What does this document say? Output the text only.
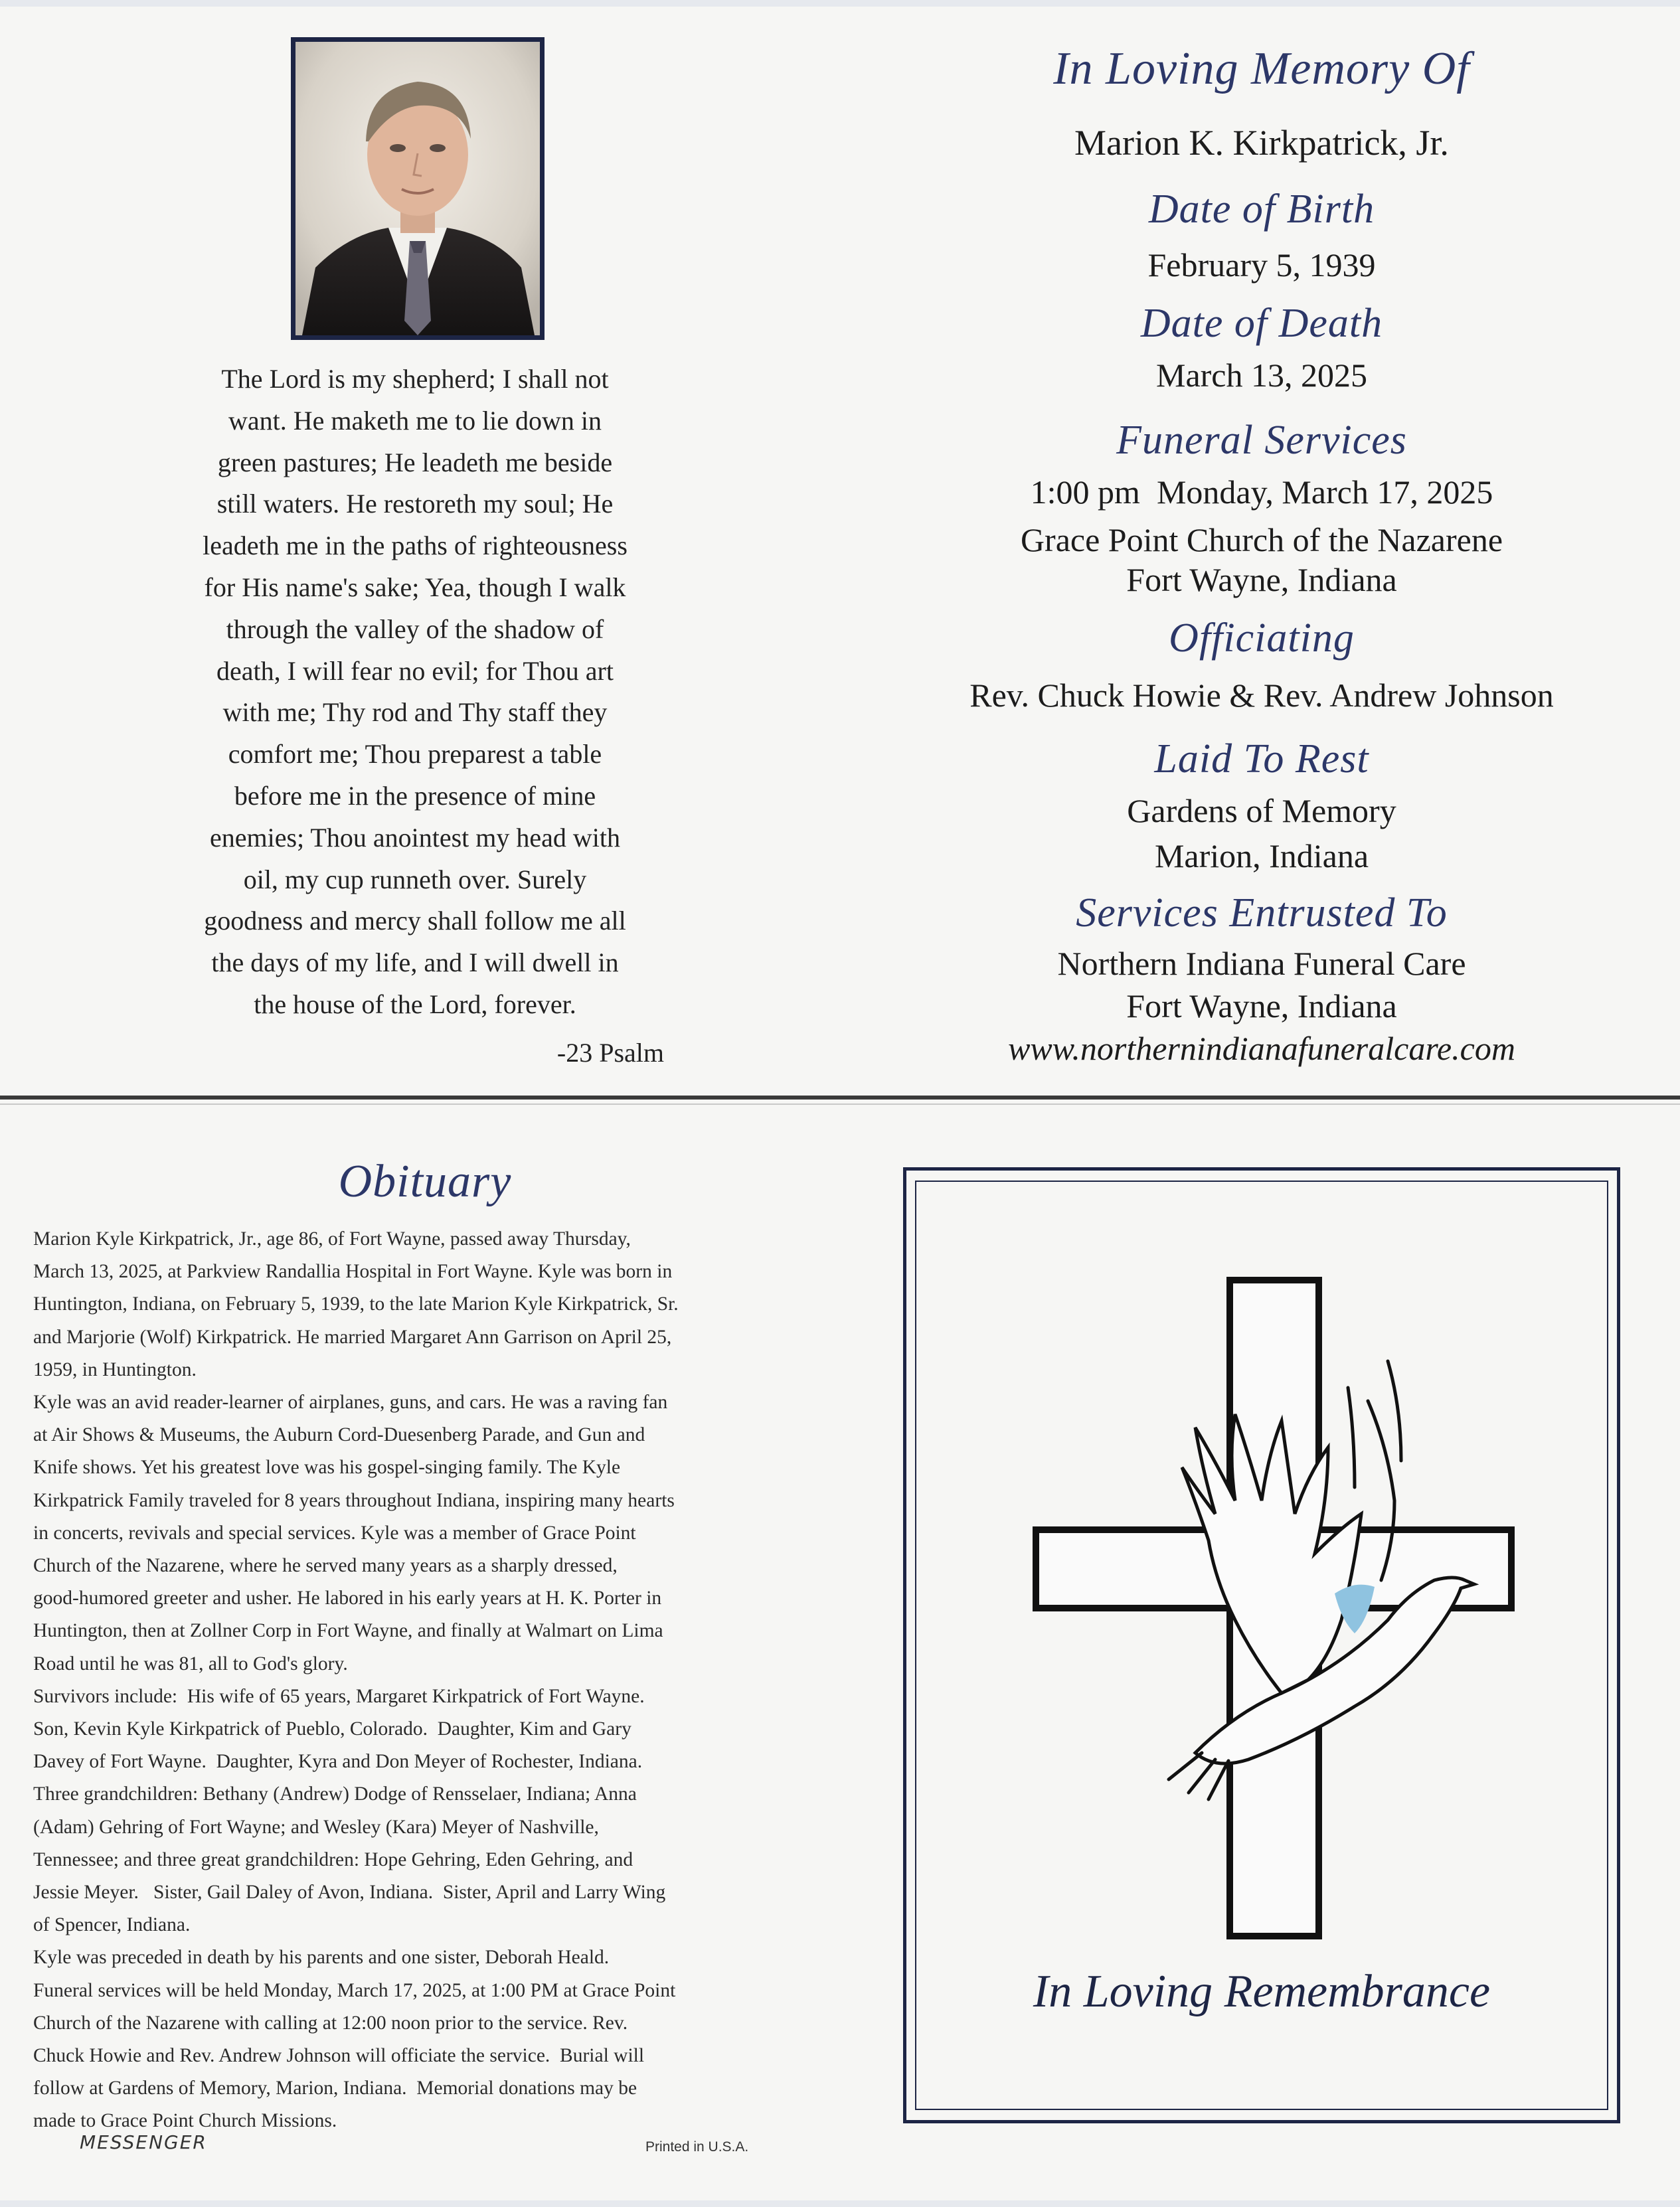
The Lord is my shepherd; I shall not
want. He maketh me to lie down in
green pastures; He leadeth me beside
still waters. He restoreth my soul; He
leadeth me in the paths of righteousness
for His name's sake; Yea, though I walk
through the valley of the shadow of
death, I will fear no evil; for Thou art
with me; Thy rod and Thy staff they
comfort me; Thou preparest a table
before me in the presence of mine
enemies; Thou anointest my head with
oil, my cup runneth over. Surely
goodness and mercy shall follow me all
the days of my life, and I will dwell in
the house of the Lord, forever.
-23 Psalm
In Loving Memory Of
Marion K. Kirkpatrick, Jr.
Date of Birth
February 5, 1939
Date of Death
March 13, 2025
Funeral Services
1:00 pm  Monday, March 17, 2025
Grace Point Church of the Nazarene
Fort Wayne, Indiana
Officiating
Rev. Chuck Howie & Rev. Andrew Johnson
Laid To Rest
Gardens of Memory
Marion, Indiana
Services Entrusted To
Northern Indiana Funeral Care
Fort Wayne, Indiana
www.northernindianafuneralcare.com
Obituary

Marion Kyle Kirkpatrick, Jr., age 86, of Fort Wayne, passed away Thursday,

March 13, 2025, at Parkview Randallia Hospital in Fort Wayne. Kyle was born in

Huntington, Indiana, on February 5, 1939, to the late Marion Kyle Kirkpatrick, Sr.

and Marjorie (Wolf) Kirkpatrick. He married Margaret Ann Garrison on April 25,

1959, in Huntington.

Kyle was an avid reader-learner of airplanes, guns, and cars. He was a raving fan

at Air Shows & Museums, the Auburn Cord-Duesenberg Parade, and Gun and

Knife shows. Yet his greatest love was his gospel-singing family. The Kyle

Kirkpatrick Family traveled for 8 years throughout Indiana, inspiring many hearts

in concerts, revivals and special services. Kyle was a member of Grace Point

Church of the Nazarene, where he served many years as a sharply dressed,

good-humored greeter and usher. He labored in his early years at H. K. Porter in

Huntington, then at Zollner Corp in Fort Wayne, and finally at Walmart on Lima

Road until he was 81, all to God's glory.

Survivors include:  His wife of 65 years, Margaret Kirkpatrick of Fort Wayne.

Son, Kevin Kyle Kirkpatrick of Pueblo, Colorado.  Daughter, Kim and Gary

Davey of Fort Wayne.  Daughter, Kyra and Don Meyer of Rochester, Indiana.

Three grandchildren: Bethany (Andrew) Dodge of Rensselaer, Indiana; Anna

(Adam) Gehring of Fort Wayne; and Wesley (Kara) Meyer of Nashville,

Tennessee; and three great grandchildren: Hope Gehring, Eden Gehring, and

Jessie Meyer.   Sister, Gail Daley of Avon, Indiana.  Sister, April and Larry Wing

of Spencer, Indiana.

Kyle was preceded in death by his parents and one sister, Deborah Heald.

Funeral services will be held Monday, March 17, 2025, at 1:00 PM at Grace Point

Church of the Nazarene with calling at 12:00 noon prior to the service. Rev.

Chuck Howie and Rev. Andrew Johnson will officiate the service.  Burial will

follow at Gardens of Memory, Marion, Indiana.  Memorial donations may be

made to Grace Point Church Missions.

MESSENGER	Printed in U.S.A.
In Loving Remembrance
